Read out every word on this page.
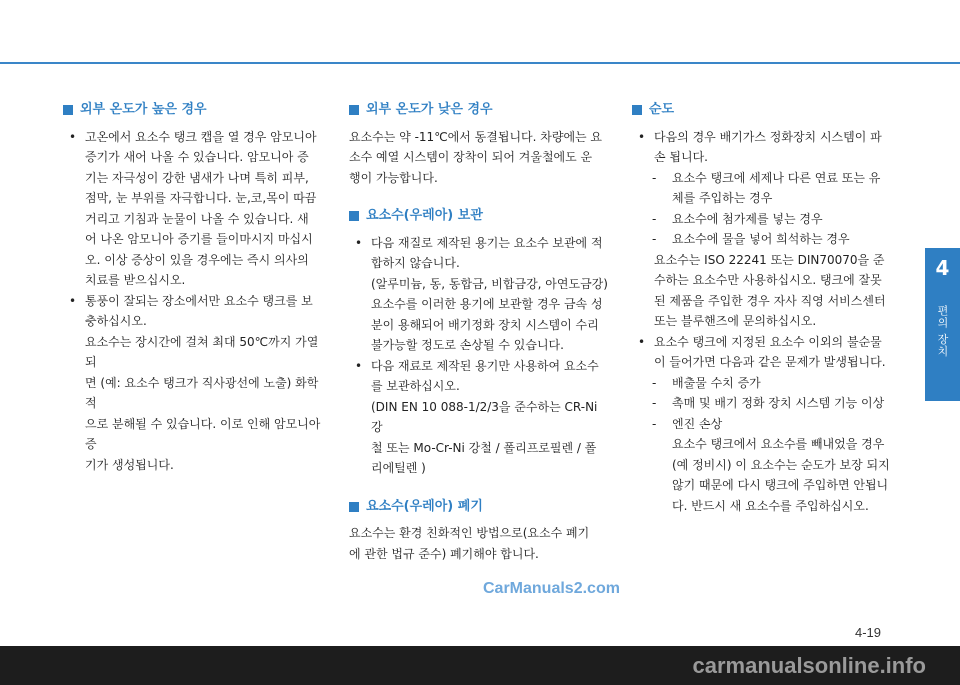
외부 온도가 높은 경우
• 고온에서 요소수 탱크 캡을 열 경우 암모니아

증기가 새어 나올 수 있습니다. 암모니아 증

기는 자극성이 강한 냄새가 나며 특히 피부,

점막, 눈 부위를 자극합니다. 눈,코,목이 따끔

거리고 기침과 눈물이 나올 수 있습니다. 새

어 나온 암모니아 증기를 들이마시지 마십시

오. 이상 증상이 있을 경우에는 즉시 의사의

치료를 받으십시오.

• 통풍이 잘되는 장소에서만 요소수 탱크를 보

충하십시오.

요소수는 장시간에 걸쳐 최대 50℃까지 가열되

면 (예: 요소수 탱크가 직사광선에 노출) 화학적

으로 분해될 수 있습니다. 이로 인해 암모니아 증

기가 생성됩니다.

외부 온도가 낮은 경우

요소수는 약 -11℃에서 동결됩니다. 차량에는 요

소수 예열 시스템이 장착이 되어 겨울철에도 운

행이 가능합니다.

요소수(우레아) 보관
• 다음 재질로 제작된 용기는 요소수 보관에 적

합하지 않습니다.

(알루미늄, 동, 동합금, 비합금강, 아연도금강)

요소수를 이러한 용기에 보관할 경우 금속 성

분이 용해되어 배기정화 장치 시스템이 수리

불가능할 정도로 손상될 수 있습니다.

• 다음 재료로 제작된 용기만 사용하여 요소수

를 보관하십시오.

(DIN EN 10 088-1/2/3을 준수하는 CR-Ni 강

철 또는 Mo-Cr-Ni 강철 / 폴리프로필렌 / 폴

리에틸렌 )

요소수(우레아) 폐기

요소수는 환경 친화적인 방법으로(요소수 폐기

에 관한 법규 준수) 폐기해야 합니다.

순도
• 다음의 경우 배기가스 정화장치 시스템이 파

손 됩니다.

- 요소수 탱크에 세제나 다른 연료 또는 유

체를 주입하는 경우

- 요소수에 첨가제를 넣는 경우

- 요소수에 물을 넣어 희석하는 경우

요소수는 ISO 22241 또는 DIN70070을 준

수하는 요소수만 사용하십시오. 탱크에 잘못

된 제품을 주입한 경우 자사 직영 서비스센터

또는 블루핸즈에 문의하십시오.

• 요소수 탱크에 지정된 요소수 이외의 불순물

이 들어가면 다음과 같은 문제가 발생됩니다.

- 배출물 수치 증가

- 촉매 및 배기 정화 장치 시스템 기능 이상

- 엔진 손상

요소수 탱크에서 요소수를 빼내었을 경우

(예 정비시) 이 요소수는 순도가 보장 되지

않기 때문에 다시 탱크에 주입하면 안됩니

다. 반드시 새 요소수를 주입하십시오.

4
편의 장치
CarManuals2.com
4-19
carmanualsonline.info
